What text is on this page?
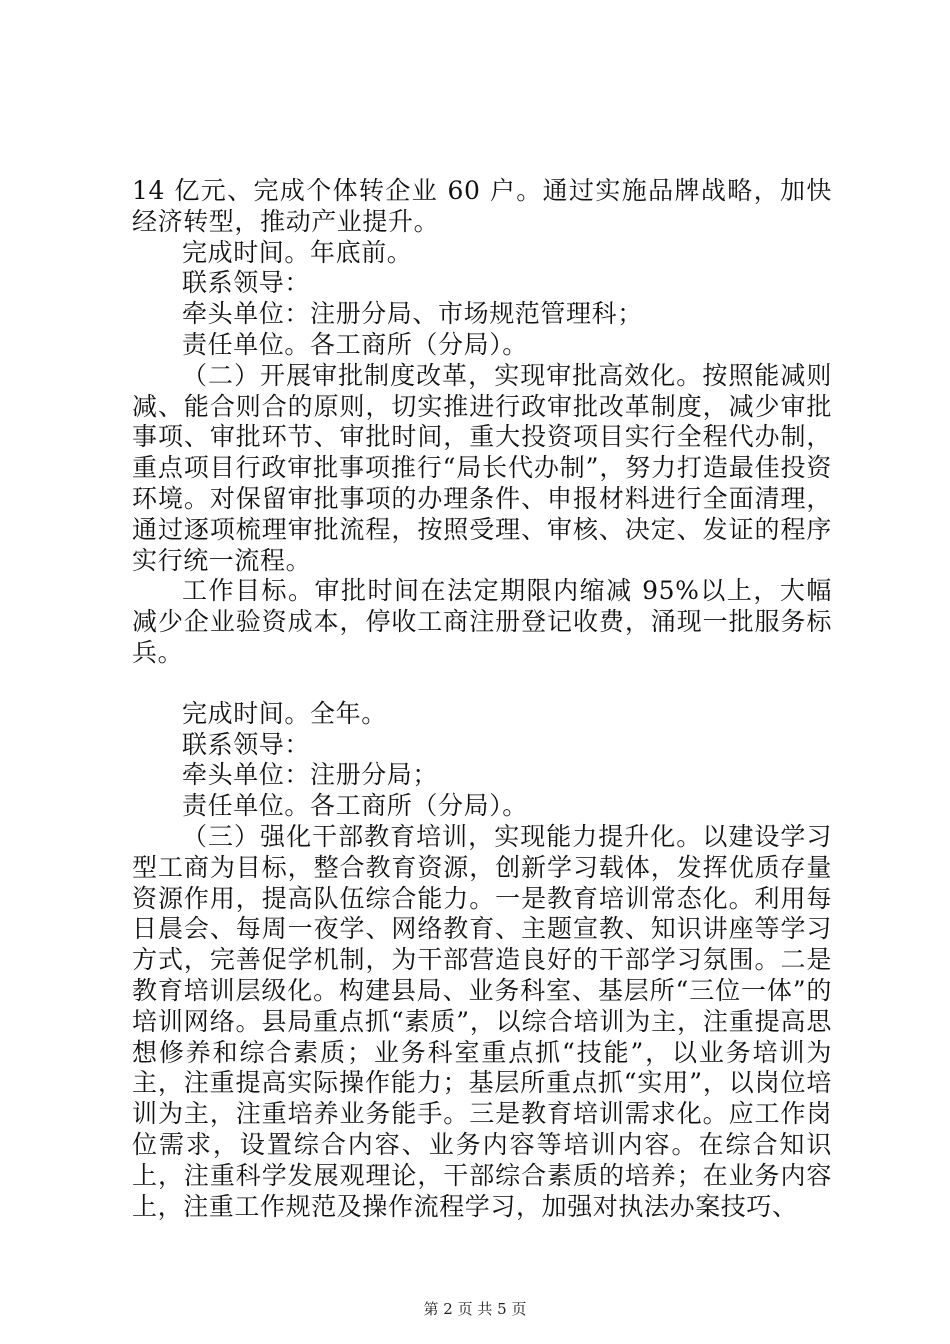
14 亿元、完成个体转企业 60 户。通过实施品牌战略，加快经济转型，推动产业提升。

完成时间。年底前。

联系领导：

牵头单位：注册分局、市场规范管理科；

责任单位。各工商所（分局）。

（二）开展审批制度改革，实现审批高效化。按照能减则减、能合则合的原则，切实推进行政审批改革制度，减少审批事项、审批环节、审批时间，重大投资项目实行全程代办制，重点项目行政审批事项推行“局长代办制”，努力打造最佳投资环境。对保留审批事项的办理条件、申报材料进行全面清理，通过逐项梳理审批流程，按照受理、审核、决定、发证的程序实行统一流程。

工作目标。审批时间在法定期限内缩减 95%以上，大幅减少企业验资成本，停收工商注册登记收费，涌现一批服务标兵。

完成时间。全年。

联系领导：

牵头单位：注册分局；

责任单位。各工商所（分局）。

（三）强化干部教育培训，实现能力提升化。以建设学习型工商为目标，整合教育资源，创新学习载体，发挥优质存量资源作用，提高队伍综合能力。一是教育培训常态化。利用每日晨会、每周一夜学、网络教育、主题宣教、知识讲座等学习方式，完善促学机制，为干部营造良好的干部学习氛围。二是教育培训层级化。构建县局、业务科室、基层所“三位一体”的培训网络。县局重点抓“素质”，以综合培训为主，注重提高思想修养和综合素质；业务科室重点抓“技能”，以业务培训为主，注重提高实际操作能力；基层所重点抓“实用”，以岗位培训为主，注重培养业务能手。三是教育培训需求化。应工作岗位需求，设置综合内容、业务内容等培训内容。在综合知识上，注重科学发展观理论，干部综合素质的培养；在业务内容上，注重工作规范及操作流程学习，加强对执法办案技巧、

第 2 页 共 5 页
